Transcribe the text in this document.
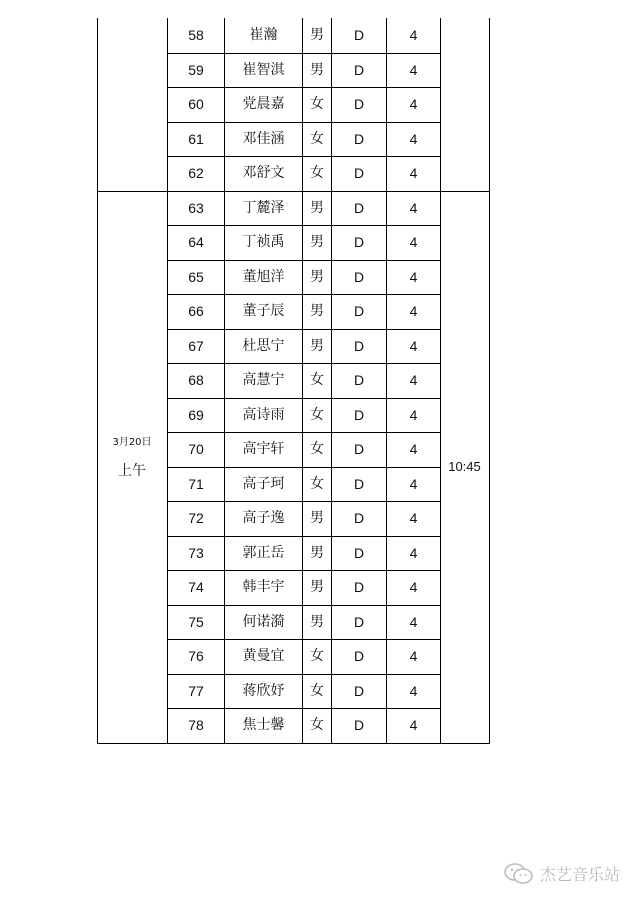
58	崔瀚	男	D	4
59	崔智淇	男	D	4
60	党晨嘉	女	D	4
61	邓佳涵	女	D	4
62	邓舒文	女	D	4
63	丁麓泽	男	D	4
64	丁祯禹	男	D	4
65	董旭洋	男	D	4
66	董子辰	男	D	4
67	杜思宁	男	D	4
68	高慧宁	女	D	4
69	高诗雨	女	D	4
70	高宇轩	女	D	4
71	高子珂	女	D	4
72	高子逸	男	D	4
73	郭正岳	男	D	4
74	韩丰宇	男	D	4
75	何诺漪	男	D	4
76	黄曼宜	女	D	4
77	蒋欣妤	女	D	4
78	焦士馨	女	D	4
3月20日
上午	10:45
杰艺音乐站
